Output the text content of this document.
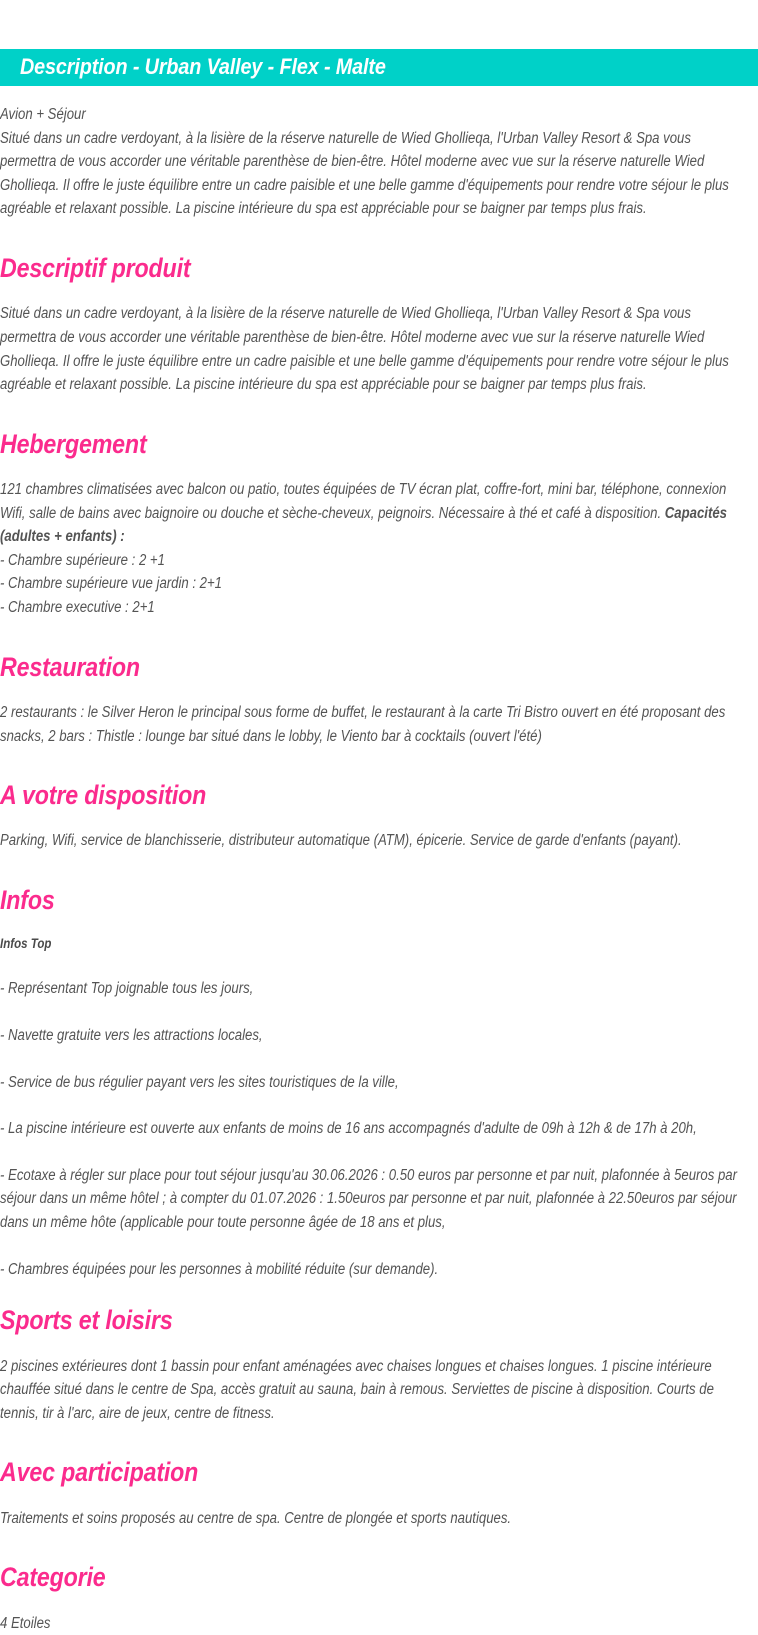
Description - Urban Valley - Flex - Malte
Avion + Séjour
Situé dans un cadre verdoyant, à la lisière de la réserve naturelle de Wied Ghollieqa, l'Urban Valley Resort & Spa vous permettra de vous accorder une véritable parenthèse de bien-être. Hôtel moderne avec vue sur la réserve naturelle Wied Ghollieqa. Il offre le juste équilibre entre un cadre paisible et une belle gamme d'équipements pour rendre votre séjour le plus agréable et relaxant possible. La piscine intérieure du spa est appréciable pour se baigner par temps plus frais.
Descriptif produit
Situé dans un cadre verdoyant, à la lisière de la réserve naturelle de Wied Ghollieqa, l'Urban Valley Resort & Spa vous permettra de vous accorder une véritable parenthèse de bien-être. Hôtel moderne avec vue sur la réserve naturelle Wied Ghollieqa. Il offre le juste équilibre entre un cadre paisible et une belle gamme d'équipements pour rendre votre séjour le plus agréable et relaxant possible. La piscine intérieure du spa est appréciable pour se baigner par temps plus frais.
Hebergement
121 chambres climatisées avec balcon ou patio, toutes équipées de TV écran plat, coffre-fort, mini bar, téléphone, connexion Wifi, salle de bains avec baignoire ou douche et sèche-cheveux, peignoirs. Nécessaire à thé et café à disposition. Capacités (adultes + enfants) :
- Chambre supérieure : 2 +1
- Chambre supérieure vue jardin : 2+1
- Chambre executive : 2+1
Restauration
2 restaurants : le Silver Heron le principal sous forme de buffet, le restaurant à la carte Tri Bistro ouvert en été proposant des snacks, 2 bars : Thistle : lounge bar situé dans le lobby, le Viento bar à cocktails (ouvert l'été)
A votre disposition
Parking, Wifi, service de blanchisserie, distributeur automatique (ATM), épicerie. Service de garde d'enfants (payant).
Infos
Infos Top
- Représentant Top joignable tous les jours,
- Navette gratuite vers les attractions locales,
- Service de bus régulier payant vers les sites touristiques de la ville,
- La piscine intérieure est ouverte aux enfants de moins de 16 ans accompagnés d'adulte de 09h à 12h & de 17h à 20h,
- Ecotaxe à régler sur place pour tout séjour jusqu'au 30.06.2026 : 0.50 euros par personne et par nuit, plafonnée à 5euros par séjour dans un même hôtel ; à compter du 01.07.2026 : 1.50euros par personne et par nuit, plafonnée à 22.50euros par séjour dans un même hôte (applicable pour toute personne âgée de 18 ans et plus,
- Chambres équipées pour les personnes à mobilité réduite (sur demande).
Sports et loisirs
2 piscines extérieures dont 1 bassin pour enfant aménagées avec chaises longues et chaises longues. 1 piscine intérieure chauffée situé dans le centre de Spa, accès gratuit au sauna, bain à remous. Serviettes de piscine à disposition. Courts de tennis, tir à l'arc, aire de jeux, centre de fitness.
Avec participation
Traitements et soins proposés au centre de spa. Centre de plongée et sports nautiques.
Categorie
4 Etoiles
